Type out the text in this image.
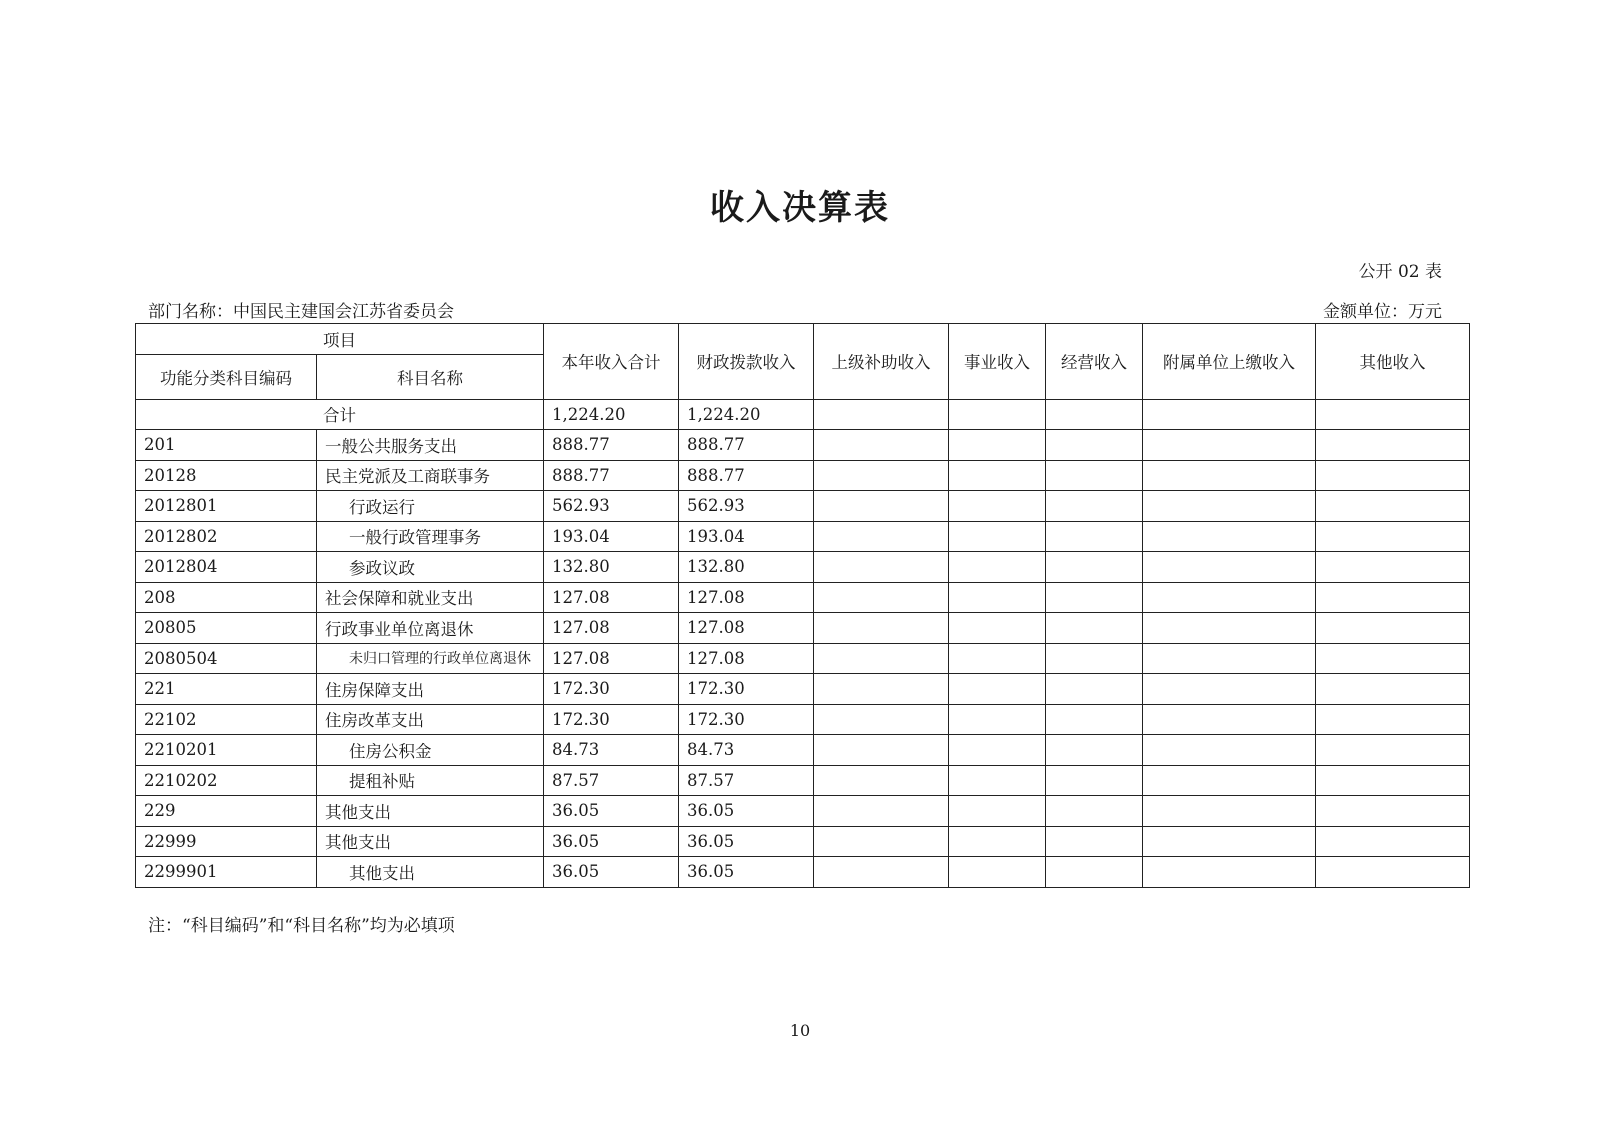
收入决算表
公开 02 表
部门名称：中国民主建国会江苏省委员会	金额单位：万元
项目		本年收入合计	财政拨款收入	上级补助收入	事业收入	经营收入	附属单位上缴收入	其他收入
功能分类科目编码	科目名称							
合计		1,224.20	1,224.20					
201	一般公共服务支出	888.77	888.77					
20128	民主党派及工商联事务	888.77	888.77					
2012801	行政运行	562.93	562.93					
2012802	一般行政管理事务	193.04	193.04					
2012804	参政议政	132.80	132.80					
208	社会保障和就业支出	127.08	127.08					
20805	行政事业单位离退休	127.08	127.08					
2080504	未归口管理的行政单位离退休	127.08	127.08					
221	住房保障支出	172.30	172.30					
22102	住房改革支出	172.30	172.30					
2210201	住房公积金	84.73	84.73					
2210202	提租补贴	87.57	87.57					
229	其他支出	36.05	36.05					
22999	其他支出	36.05	36.05					
2299901	其他支出	36.05	36.05					
注：“科目编码”和“科目名称”均为必填项
10
